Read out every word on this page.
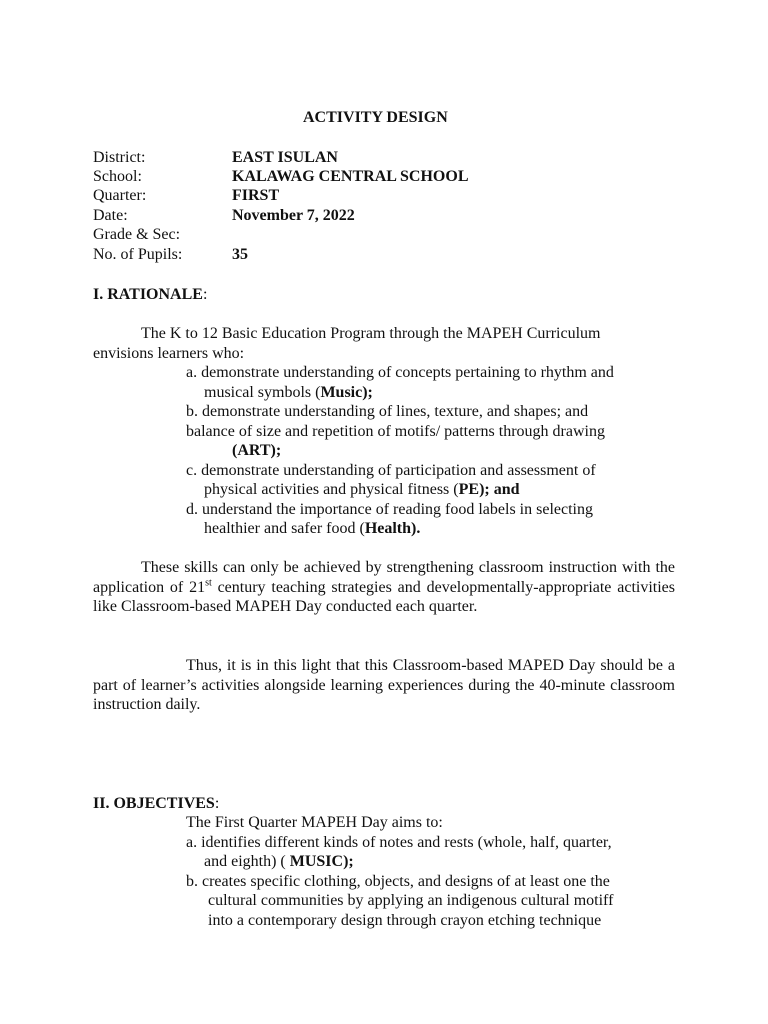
ACTIVITY DESIGN
District:	EAST ISULAN
School:	KALAWAG CENTRAL SCHOOL
Quarter:	FIRST
Date:	November 7, 2022
Grade & Sec:
No. of Pupils:	35
I. RATIONALE:
The K to 12 Basic Education Program through the MAPEH Curriculum
envisions learners who:
a. demonstrate understanding of concepts pertaining to rhythm and
musical symbols (Music);
b. demonstrate understanding of lines, texture, and shapes; and
balance of size and repetition of motifs/ patterns through drawing
(ART);
c. demonstrate understanding of participation and assessment of
physical activities and physical fitness (PE); and
d. understand the importance of reading food labels in selecting
healthier and safer food (Health).
These skills can only be achieved by strengthening classroom instruction with the application of 21st century teaching strategies and developmentally-appropriate activities like Classroom-based MAPEH Day conducted each quarter.
Thus, it is in this light that this Classroom-based MAPED Day should be a part of learner’s activities alongside learning experiences during the 40-minute classroom instruction daily.
II. OBJECTIVES:
The First Quarter MAPEH Day aims to:
a. identifies different kinds of notes and rests (whole, half, quarter,
and eighth) ( MUSIC);
b. creates specific clothing, objects, and designs of at least one the
cultural communities by applying an indigenous cultural motiff
into a contemporary design through crayon etching technique
